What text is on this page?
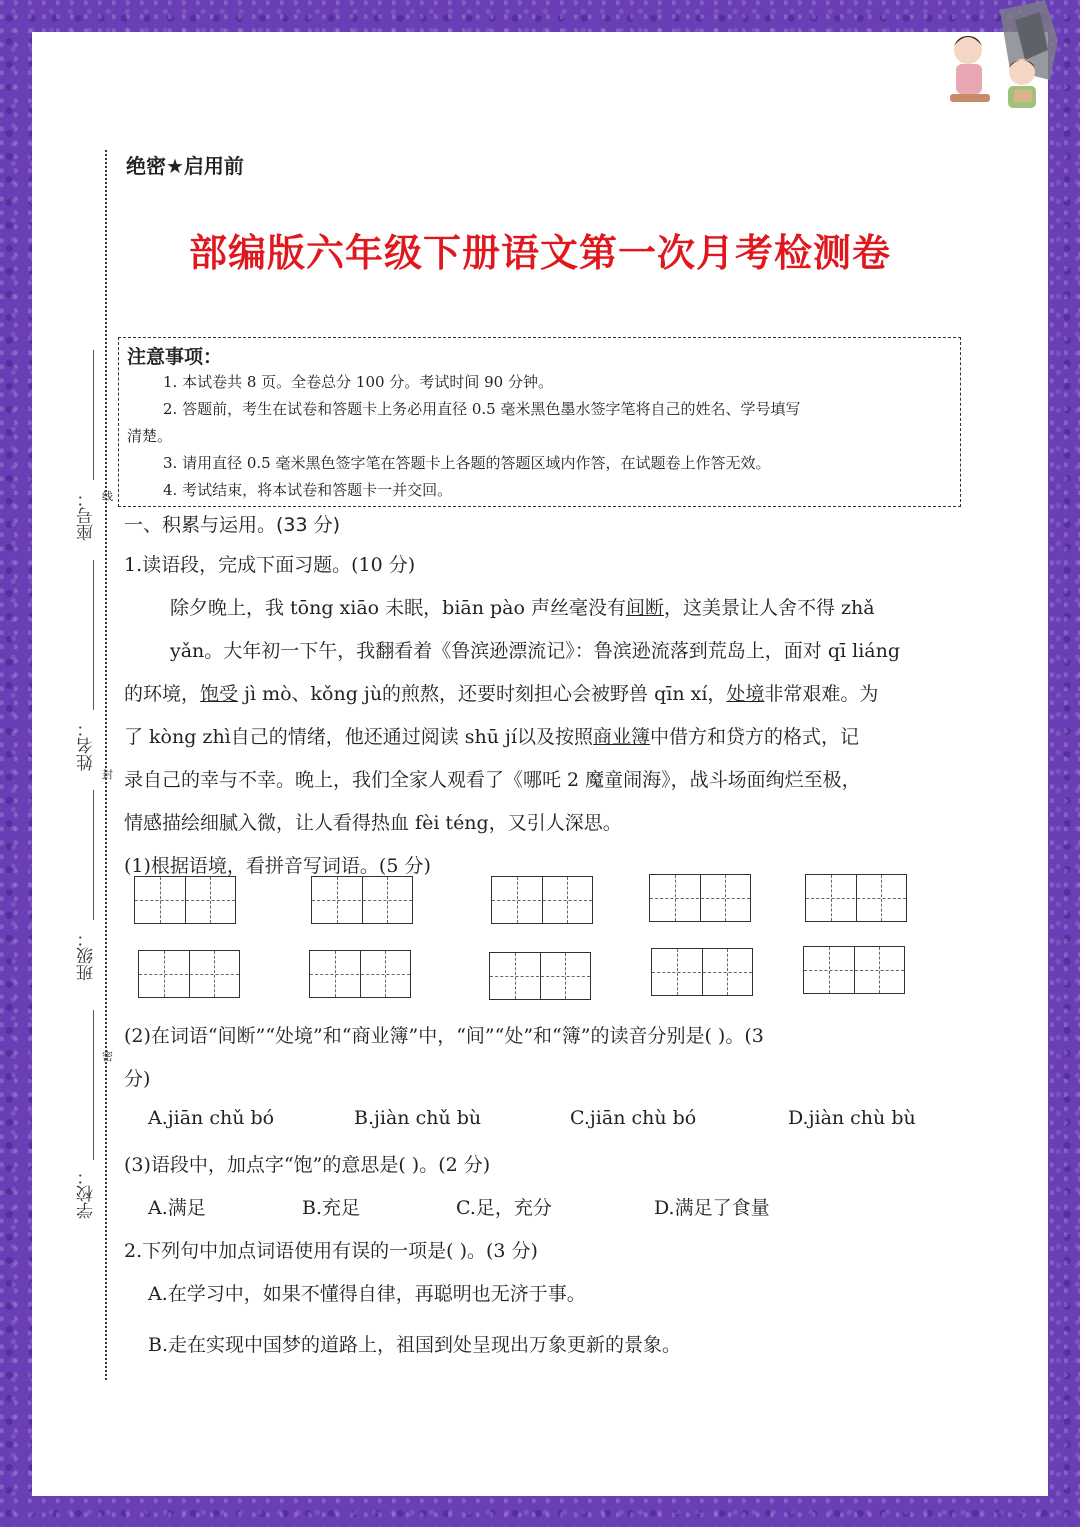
座号： 线
姓名：
封
班级：
密
学校：
绝密★启用前
部编版六年级下册语文第一次月考检测卷
注意事项：

1. 本试卷共 8 页。全卷总分 100 分。考试时间 90 分钟。

2. 答题前，考生在试卷和答题卡上务必用直径 0.5 毫米黑色墨水签字笔将自己的姓名、学号填写

清楚。

3. 请用直径 0.5 毫米黑色签字笔在答题卡上各题的答题区域内作答，在试题卷上作答无效。

4. 考试结束，将本试卷和答题卡一并交回。

一、积累与运用。(33 分)
1.读语段，完成下面习题。(10 分)
除夕晚上，我 tōng xiāo 未眠，biān pào 声丝毫没有间断，这美景让人舍不得 zhǎ
yǎn。大年初一下午，我翻看着《鲁滨逊漂流记》：鲁滨逊流落到荒岛上，面对 qī liáng
的环境，饱受 jì mò、kǒng jù的煎熬，还要时刻担心会被野兽 qīn xí，处境非常艰难。为
了 kòng zhì自己的情绪，他还通过阅读 shū jí以及按照商业簿中借方和贷方的格式，记
录自己的幸与不幸。晚上，我们全家人观看了《哪吒 2 魔童闹海》，战斗场面绚烂至极，
情感描绘细腻入微，让人看得热血 fèi téng，又引人深思。
(1)根据语境，看拼音写词语。(5 分)
(2)在词语“间断”“处境”和“商业簿”中，“间”“处”和“簿”的读音分别是( )。(3
分)
A.jiān chǔ bó	B.jiàn chǔ bù	C.jiān chù bó	D.jiàn chù bù
(3)语段中，加点字“饱”的意思是( )。(2 分)
A.满足	B.充足	C.足，充分	D.满足了食量
2.下列句中加点词语使用有误的一项是( )。(3 分)
A.在学习中，如果不懂得自律，再聪明也无济于事。
B.走在实现中国梦的道路上，祖国到处呈现出万象更新的景象。
